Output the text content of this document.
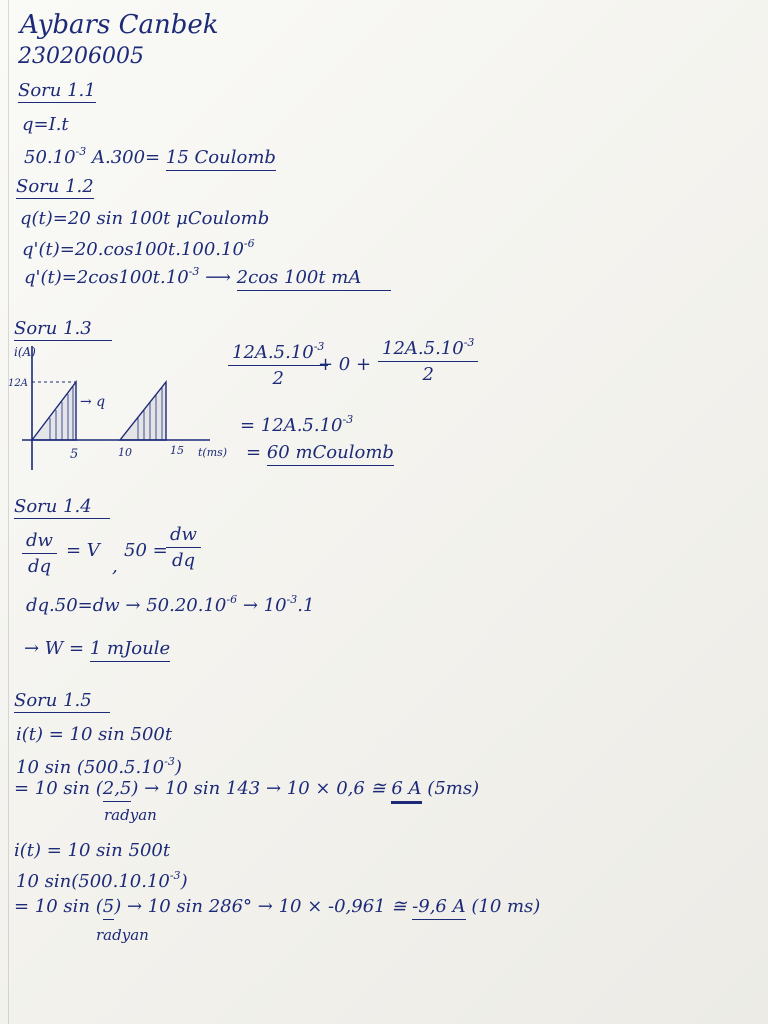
Aybars Canbek
230206005
Soru 1.1
q=I.t
$50.10^{-3}$ A.300= 15 Coulomb
Soru 1.2
q(t)=20 sin 100t μCoulomb
$q'(t)=20.\cos 100t.100.10^{-6}$
$q'(t)=2\cos 100t.10^{-3}$ ⟶ 2cos 100t mA
Soru 1.3
i(A)
12A
→ q
5	10	15 t(ms)
$\frac{12A.5.10^{-3}}{2}$
+ $0 + \frac{12A.5.10^{-3}}{2}$
= $12A.5.10^{-3}$
= 60 mCoulomb
Soru 1.4
$\frac{dw}{dq} = V$
,
50 =
$\frac{dw}{dq}$
$dq.50=dw \to 50.20.10^{-6} \to 10^{-3}.1$
→ W = 1 mJoule
Soru 1.5
i(t) = 10 sin 500t
10 $\sin (500.5.10^{-3})$
= 10 sin (2,5) → 10 sin 143 → 10 × 0,6 ≅ 6 A (5ms)
radyan
i(t) = 10 sin 500t
10 $\sin(500.10.10^{-3})$
= 10 sin (5) → 10 sin 286° → 10 × -0,961 ≅ -9,6 A (10 ms)
radyan
